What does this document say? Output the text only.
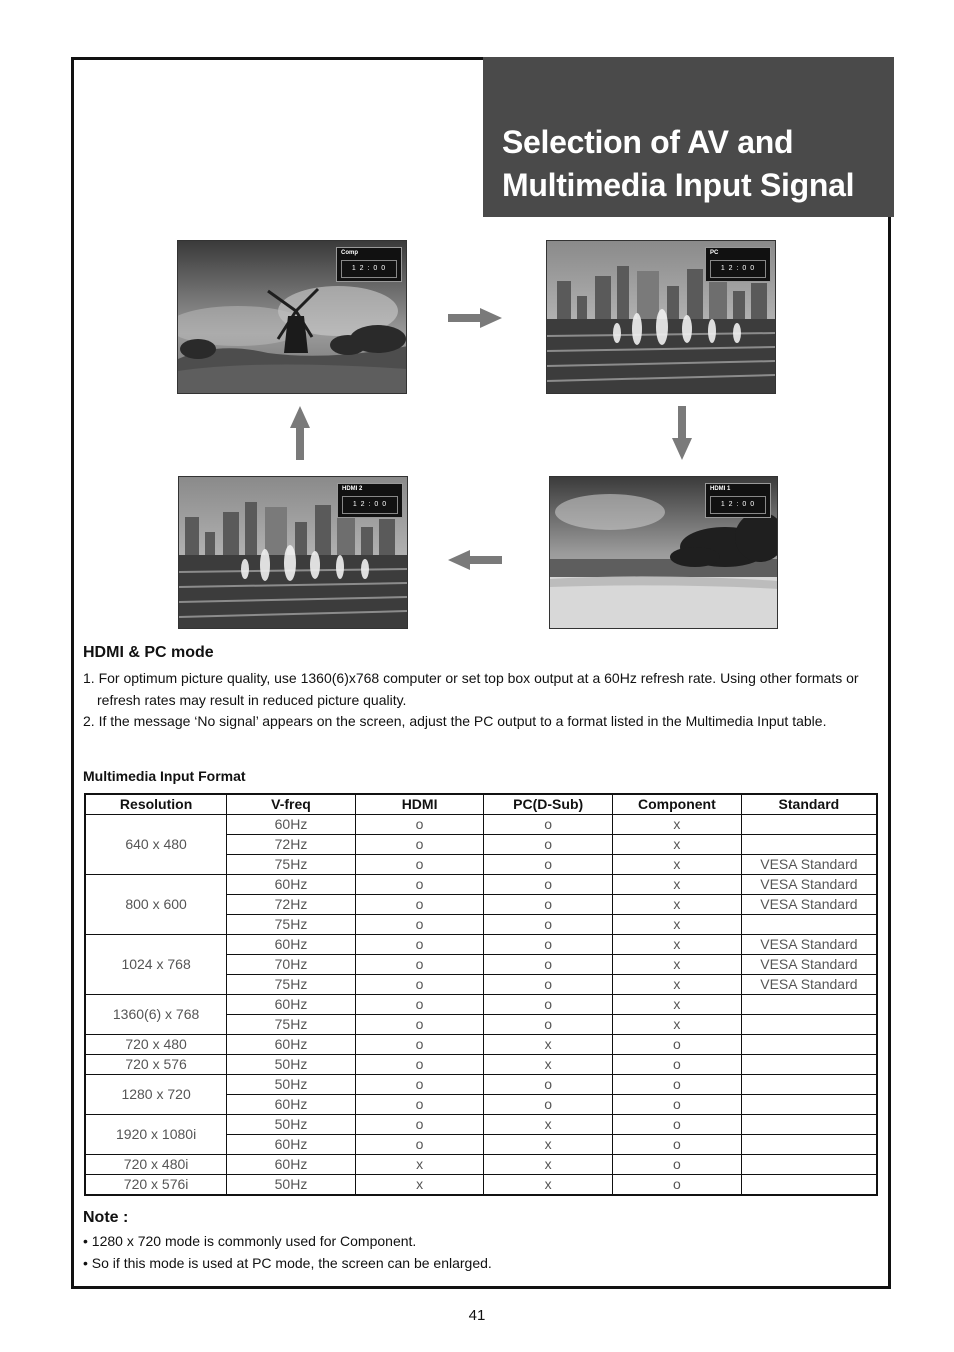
Selection of AV and
Multimedia Input Signal
Comp
1 2 : 0 0
PC
1 2 : 0 0
HDMI 1
1 2 : 0 0
HDMI 2
1 2 : 0 0
HDMI & PC mode
1. For optimum picture quality, use 1360(6)x768 computer or set top box output at a 60Hz refresh rate. Using other formats or refresh rates may result in reduced picture quality.
2. If the message ‘No signal’ appears on the screen, adjust the PC output to a format listed in the Multimedia Input table.
Multimedia Input Format
Resolution	V-freq	HDMI	PC(D-Sub)	Component	Standard
640 x 480	60Hz	o	o	x	
	72Hz	o	o	x	
	75Hz	o	o	x	VESA Standard
800 x 600	60Hz	o	o	x	VESA Standard
	72Hz	o	o	x	VESA Standard
	75Hz	o	o	x	
1024 x 768	60Hz	o	o	x	VESA Standard
	70Hz	o	o	x	VESA Standard
	75Hz	o	o	x	VESA Standard
1360(6) x 768	60Hz	o	o	x	
	75Hz	o	o	x	
720 x 480	60Hz	o	x	o	
720 x 576	50Hz	o	x	o	
1280 x 720	50Hz	o	o	o	
	60Hz	o	o	o	
1920 x 1080i	50Hz	o	x	o	
	60Hz	o	x	o	
720 x 480i	60Hz	x	x	o	
720 x 576i	50Hz	x	x	o	
Note :
• 1280 x 720 mode is commonly used for Component.
• So if this mode is used at PC mode, the screen can be enlarged.
41
